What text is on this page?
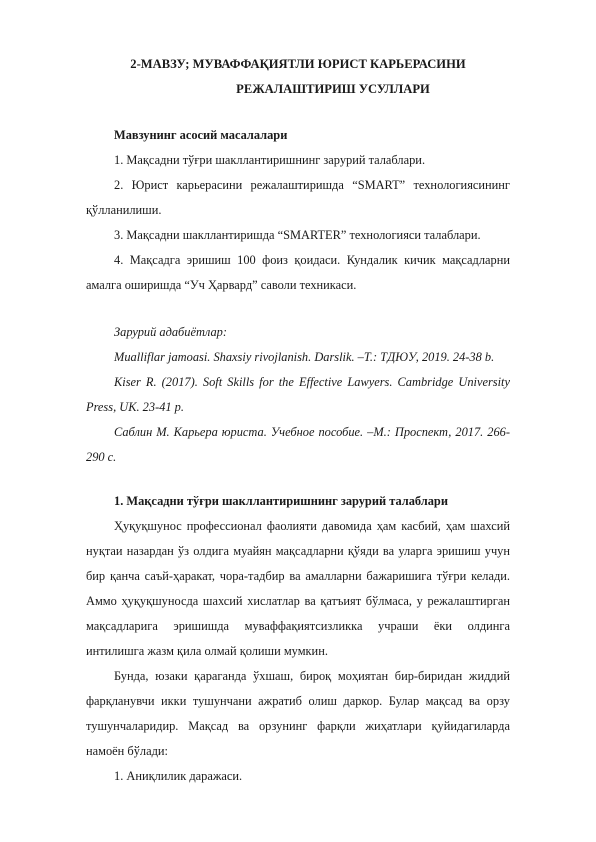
2-МАВЗУ; МУВАФФАҚИЯТЛИ ЮРИСТ КАРЬЕРАСИНИ
РЕЖАЛАШТИРИШ УСУЛЛАРИ

Мавзунинг асосий масалалари

1. Мақсадни тўғри шакллантиришнинг зарурий талаблари.

2. Юрист карьерасини режалаштиришда “SMART” технологиясининг
қўлланилиши.

3. Мақсадни шакллантиришда “SMARTER” технологияси талаблари.

4. Мақсадга эришиш 100 фоиз қоидаси. Кундалик кичик мақсадларни
амалга оширишда “Уч Ҳарвард” саволи техникаси.

Зарурий адабиётлар:

Mualliflar jamoasi. Shaxsiy rivojlanish. Darslik. –T.: ТДЮУ, 2019. 24-38 b.

Kiser R. (2017). Soft Skills for the Effective Lawyers. Cambridge University
Press, UK. 23-41 p.

Саблин М. Карьера юриста. Учебное пособие. –М.: Проспект, 2017. 266-
290 с.

1. Мақсадни тўғри шакллантиришнинг зарурий талаблари

Ҳуқуқшунос профессионал фаолияти давомида ҳам касбий, ҳам шахсий
нуқтаи назардан ўз олдига муайян мақсадларни қўяди ва уларга эришиш учун
бир қанча саъй-ҳаракат, чора-тадбир ва амалларни бажаришига тўғри келади.
Аммо ҳуқуқшуносда шахсий хислатлар ва қатъият бўлмаса, у режалаштирган
мақсадларига эришишда муваффақиятсизликка учраши ёки олдинга
интилишга жазм қила олмай қолиши мумкин.

Бунда, юзаки қараганда ўхшаш, бироқ моҳиятан бир-биридан жиддий
фарқланувчи икки тушунчани ажратиб олиш даркор. Булар мақсад ва орзу
тушунчаларидир. Мақсад ва орзунинг фарқли жиҳатлари қуйидагиларда
намоён бўлади:

1. Аниқлилик даражаси.
